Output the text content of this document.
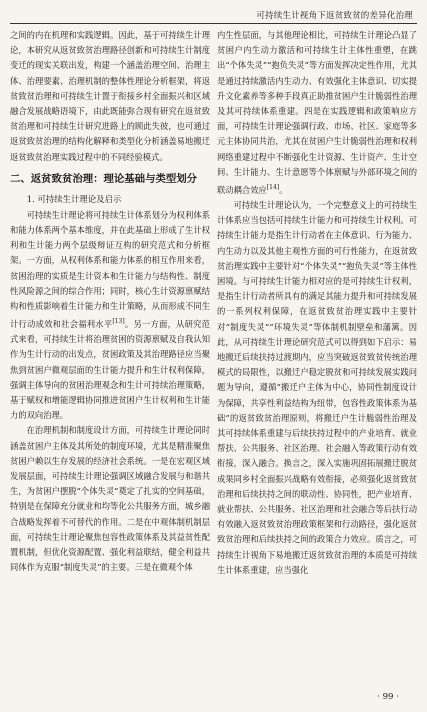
可持续生计视角下返贫致贫的差异化治理

之间的内在机理和实践逻辑。因此，基于可持续生计理论，本研究从返贫致贫治理路径创新和可持续生计制度变迁的现实关联出发，构建一个涵盖治理空间、治理主体、治理要素、治理机制的整体性理论分析框架，将返贫致贫治理和可持续生计置于衔接乡村全面振兴和区域融合发展战略语境下，由此既能弥合现有研究在返贫致贫治理和可持续生计研究进路上的顾此失彼，也可通过返贫致贫治理的结构化解释和类型化分析涵盖易地搬迁返贫致贫治理实践过程中的不同经验模式。

二、返贫致贫治理：理论基础与类型划分
1. 可持续生计理论及启示

可持续生计理论将可持续生计体系划分为权利体系和能力体系两个基本维度，并在此基础上形成了生计权利和生计能力两个层级辩证互构的研究范式和分析框架。一方面，从权利体系和能力体系的相互作用来看，贫困治理的实质是生计资本和生计能力与结构性、制度性风险源之间的综合作用；同时，核心生计资源禀赋结构和性质影响着生计能力和生计策略，从而形成不同生计行动成效和社会福利水平[13]。另一方面，从研究范式来看，可持续生计将治理贫困的资源禀赋及自我认知作为生计行动的出发点，贫困政策及其治理路径应当聚焦到贫困户微观层面的生计能力提升和生计权利保障，强调主体导向的贫困治理观念和生计可持续治理策略，基于赋权和增能逻辑协同推进贫困户生计权利和生计能力的双向治理。

在治理机制和制度设计方面，可持续生计理论同时涵盖贫困户主体及其所处的制度环境，尤其是精准聚焦贫困户赖以生存发展的经济社会系统。一是在宏观区域发展层面，可持续生计理论强调区域融合发展与和谐共生，为贫困户摆脱“个体失灵”奠定了扎实的空间基础，特别是在保障充分就业和均等化公共服务方面，城乡融合战略发挥着不可替代的作用。二是在中观体制机制层面，可持续生计理论聚焦包容性政策体系及其益贫性配置机制，但优化资源配置、强化利益联结，健全利益共同体作为克服“制度失灵”的主要。三是在微观个体

内生性层面，与其他理论相比，可持续生计理论凸显了贫困户内生动力激活和可持续生计主体性重塑，在跳出“个体失灵”“抱负失灵”等方面发挥决定性作用，尤其是通过持续激活内生动力、有效强化主体意识、切实提升文化素养等多种手段真正助推贫困户生计脆弱性治理及其可持续体系重建。四是在实践逻辑和政策响应方面，可持续生计理论强调行政、市场、社区、家庭等多元主体协同共治，尤其在贫困户生计脆弱性治理和权利网络重建过程中不断强化生计资源、生计资产、生计空间、生计能力、生计意愿等个体禀赋与外部环境之间的联动耦合效应[14]。

可持续生计理论认为，一个完整意义上的可持续生计体系应当包括可持续生计能力和可持续生计权利。可持续生计能力是指生计行动者在主体意识、行为能力、内生动力以及其他主观性方面的可行性能力，在返贫致贫治理实践中主要针对“个体失灵”“抱负失灵”等主体性困境。与可持续生计能力相对应的是可持续生计权利，是指生计行动者所具有的满足其能力提升和可持续发展的一系列权利保障，在返贫致贫治理实践中主要针对“制度失灵”“环境失灵”等体制机制壁垒和藩篱。因此，从可持续生计理论研究范式可以得到如下启示：易地搬迁后续扶持过渡期内，应当突破返贫致贫传统治理模式的局限性，以搬迁户稳定脱贫和可持续发展实践问题为导向，遵循“搬迁户主体为中心，协同性制度设计为保障，共享性利益结构为纽带，包容性政策体系为基础”的返贫致贫治理原则，将搬迁户生计脆弱性治理及其可持续体系重建与后续扶持过程中的产业培育、就业帮扶、公共服务、社区治理、社会融入等政策行动有效衔接，深入融合。换言之，深入实施巩固拓展搬迁脱贫成果同乡村全面振兴战略有效衔接，必须强化返贫致贫治理和后续扶持之间的联动性、协同性，把产业培育、就业帮扶、公共服务、社区治理和社会融合等后扶行动有效融入返贫致贫治理政策框架和行动路径，强化返贫致贫治理和后续扶持之间的政策合力效应。质言之，可持续生计视角下易地搬迁返贫致贫治理的本质是可持续生计体系重建，应当强化

· 99 ·
